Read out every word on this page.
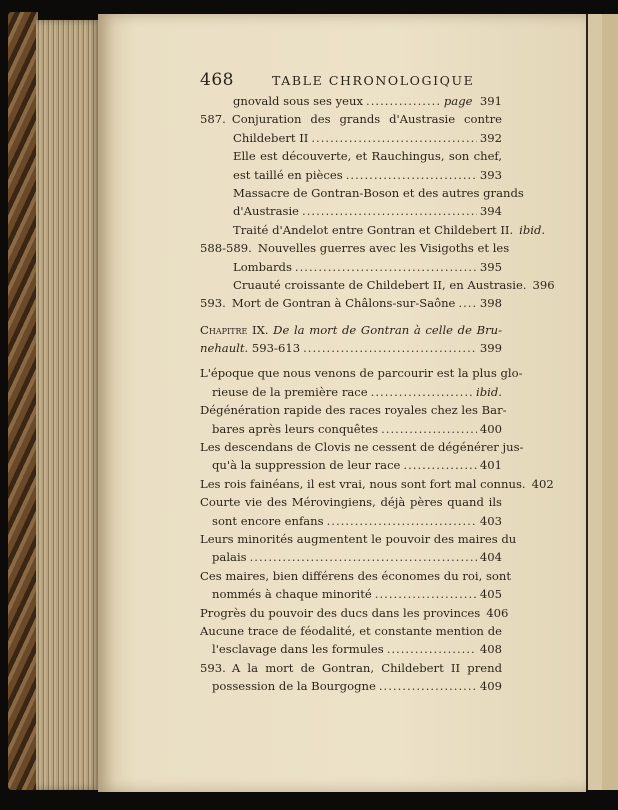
468	TABLE CHRONOLOGIQUE
gnovald sous ses yeux .....	page 391
587. Conjuration des grands d'Austrasie contre
Childebert II .....	392
Elle est découverte, et Rauchingus, son chef,
est taillé en pièces .....	393
Massacre de Gontran-Boson et des autres grands
d'Austrasie .....	394
Traité d'Andelot entre Gontran et Childebert II. ibid.
588-589. Nouvelles guerres avec les Visigoths et les
Lombards .....	395
Cruauté croissante de Childebert II, en Austrasie. 396
593. Mort de Gontran à Châlons-sur-Saône ..... 398
Chapitre IX. De la mort de Gontran à celle de Bru-
nehault. 593-613 .....	399
L'époque que nous venons de parcourir est la plus glo-
rieuse de la première race .....	ibid.
Dégénération rapide des races royales chez les Bar-
bares après leurs conquêtes .....	400
Les descendans de Clovis ne cessent de dégénérer jus-
qu'à la suppression de leur race .....	401
Les rois fainéans, il est vrai, nous sont fort mal connus. 402
Courte vie des Mérovingiens, déjà pères quand ils
sont encore enfans .....	403
Leurs minorités augmentent le pouvoir des maires du
palais .....	404
Ces maires, bien différens des économes du roi, sont
nommés à chaque minorité .....	405
Progrès du pouvoir des ducs dans les provinces 406
Aucune trace de féodalité, et constante mention de
l'esclavage dans les formules .....	408
593. A la mort de Gontran, Childebert II prend
possession de la Bourgogne .....	409
